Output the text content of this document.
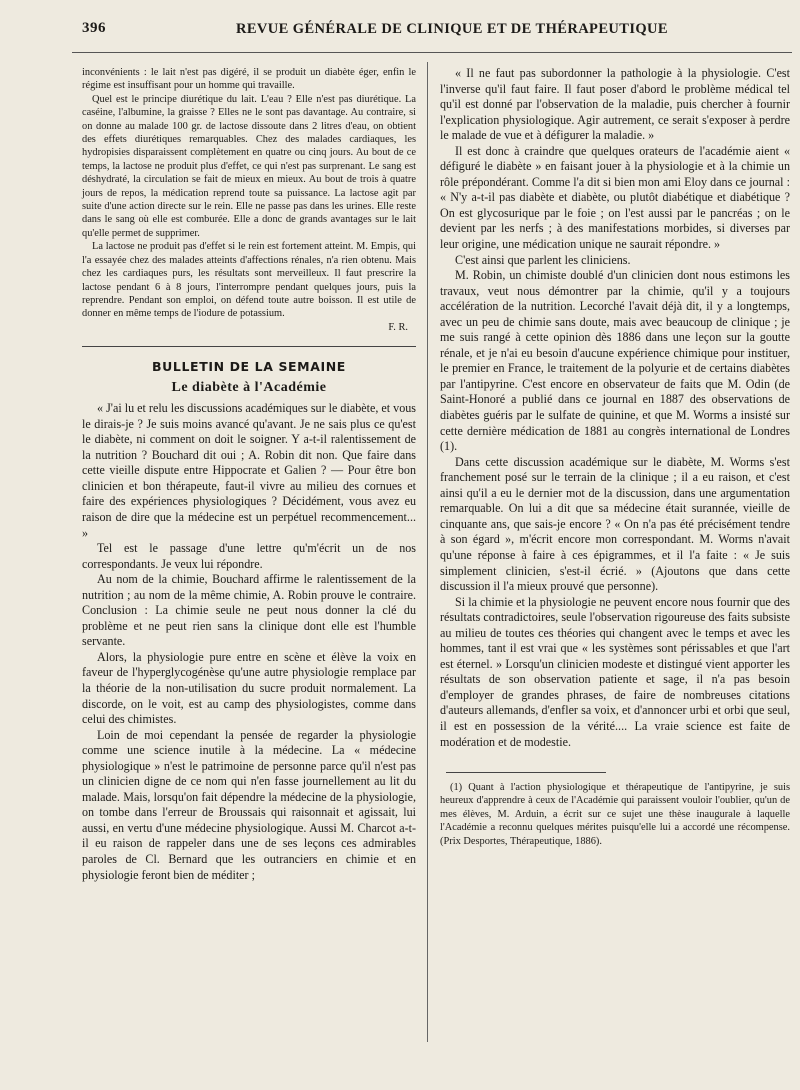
396	REVUE GÉNÉRALE DE CLINIQUE ET DE THÉRAPEUTIQUE

inconvénients : le lait n'est pas digéré, il se produit un diabète éger, enfin le régime est insuffisant pour un homme qui travaille.

Quel est le principe diurétique du lait. L'eau ? Elle n'est pas diurétique. La caséine, l'albumine, la graisse ? Elles ne le sont pas davantage. Au contraire, si on donne au malade 100 gr. de lactose dissoute dans 2 litres d'eau, on obtient des effets diurétiques remarquables. Chez des malades cardiaques, les hydropisies disparaissent complètement en quatre ou cinq jours. Au bout de ce temps, la lactose ne produit plus d'effet, ce qui n'est pas surprenant. Le sang est déshydraté, la circulation se fait de mieux en mieux. Au bout de trois à quatre jours de repos, la médication reprend toute sa puissance. La lactose agit par suite d'une action directe sur le rein. Elle ne passe pas dans les urines. Elle reste dans le sang où elle est comburée. Elle a donc de grands avantages sur le lait qu'elle permet de supprimer.

La lactose ne produit pas d'effet si le rein est fortement atteint. M. Empis, qui l'a essayée chez des malades atteints d'affections rénales, n'a rien obtenu. Mais chez les cardiaques purs, les résultats sont merveilleux. Il faut prescrire la lactose pendant 6 à 8 jours, l'interrompre pendant quelques jours, puis la reprendre. Pendant son emploi, on défend toute autre boisson. Il est utile de donner en même temps de l'iodure de potassium.

F. R.

BULLETIN DE LA SEMAINE
Le diabète à l'Académie

« J'ai lu et relu les discussions académiques sur le diabète, et vous le dirais-je ? Je suis moins avancé qu'avant. Je ne sais plus ce qu'est le diabète, ni comment on doit le soigner. Y a-t-il ralentissement de la nutrition ? Bouchard dit oui ; A. Robin dit non. Que faire dans cette vieille dispute entre Hippocrate et Galien ? — Pour être bon clinicien et bon thérapeute, faut-il vivre au milieu des cornues et faire des expériences physiologiques ? Décidément, vous avez eu raison de dire que la médecine est un perpétuel recommencement... »

Tel est le passage d'une lettre qu'm'écrit un de nos correspondants. Je veux lui répondre.

Au nom de la chimie, Bouchard affirme le ralentissement de la nutrition ; au nom de la même chimie, A. Robin prouve le contraire. Conclusion : La chimie seule ne peut nous donner la clé du problème et ne peut rien sans la clinique dont elle est l'humble servante.

Alors, la physiologie pure entre en scène et élève la voix en faveur de l'hyperglycogénèse qu'une autre physiologie remplace par la théorie de la non-utilisation du sucre produit normalement. La discorde, on le voit, est au camp des physiologistes, comme dans celui des chimistes.

Loin de moi cependant la pensée de regarder la physiologie comme une science inutile à la médecine. La « médecine physiologique » n'est le patrimoine de personne parce qu'il n'est pas un clinicien digne de ce nom qui n'en fasse journellement au lit du malade. Mais, lorsqu'on fait dépendre la médecine de la physiologie, on tombe dans l'erreur de Broussais qui raisonnait et agissait, lui aussi, en vertu d'une médecine physiologique. Aussi M. Charcot a-t-il eu raison de rappeler dans une de ses leçons ces admirables paroles de Cl. Bernard que les outranciers en chimie et en physiologie feront bien de méditer ;

« Il ne faut pas subordonner la pathologie à la physiologie. C'est l'inverse qu'il faut faire. Il faut poser d'abord le problème médical tel qu'il est donné par l'observation de la maladie, puis chercher à fournir l'explication physiologique. Agir autrement, ce serait s'exposer à perdre le malade de vue et à défigurer la maladie. »

Il est donc à craindre que quelques orateurs de l'académie aient « défiguré le diabète » en faisant jouer à la physiologie et à la chimie un rôle prépondérant. Comme l'a dit si bien mon ami Eloy dans ce journal : « N'y a-t-il pas diabète et diabète, ou plutôt diabétique et diabétique ? On est glycosurique par le foie ; on l'est aussi par le pancréas ; on le devient par les nerfs ; à des manifestations morbides, si diverses par leur origine, une médication unique ne saurait répondre. »

C'est ainsi que parlent les cliniciens.

M. Robin, un chimiste doublé d'un clinicien dont nous estimons les travaux, veut nous démontrer par la chimie, qu'il y a toujours accélération de la nutrition. Lecorché l'avait déjà dit, il y a longtemps, avec un peu de chimie sans doute, mais avec beaucoup de clinique ; je me suis rangé à cette opinion dès 1886 dans une leçon sur la goutte rénale, et je n'ai eu besoin d'aucune expérience chimique pour instituer, le premier en France, le traitement de la polyurie et de certains diabètes par l'antipyrine. C'est encore en observateur de faits que M. Odin (de Saint-Honoré a publié dans ce journal en 1887 des observations de diabètes guéris par le sulfate de quinine, et que M. Worms a insisté sur cette dernière médication de 1881 au congrès international de Londres (1).

Dans cette discussion académique sur le diabète, M. Worms s'est franchement posé sur le terrain de la clinique ; il a eu raison, et c'est ainsi qu'il a eu le dernier mot de la discussion, dans une argumentation remarquable. On lui a dit que sa médecine était surannée, vieille de cinquante ans, que sais-je encore ? « On n'a pas été précisément tendre à son égard », m'écrit encore mon correspondant. M. Worms n'avait qu'une réponse à faire à ces épigrammes, et il l'a faite : « Je suis simplement clinicien, s'est-il écrié. » (Ajoutons que dans cette discussion il l'a mieux prouvé que personne).

Si la chimie et la physiologie ne peuvent encore nous fournir que des résultats contradictoires, seule l'observation rigoureuse des faits subsiste au milieu de toutes ces théories qui changent avec le temps et avec les hommes, tant il est vrai que « les systèmes sont périssables et que l'art est éternel. » Lorsqu'un clinicien modeste et distingué vient apporter les résultats de son observation patiente et sage, il n'a pas besoin d'employer de grandes phrases, de faire de nombreuses citations d'auteurs allemands, d'enfler sa voix, et d'annoncer urbi et orbi que seul, il est en possession de la vérité.... La vraie science est faite de modération et de modestie.

(1) Quant à l'action physiologique et thérapeutique de l'antipyrine, je suis heureux d'apprendre à ceux de l'Académie qui paraissent vouloir l'oublier, qu'un de mes élèves, M. Arduin, a écrit sur ce sujet une thèse inaugurale à laquelle l'Académie a reconnu quelques mérites puisqu'elle lui a accordé une récompense. (Prix Desportes, Thérapeutique, 1886).
